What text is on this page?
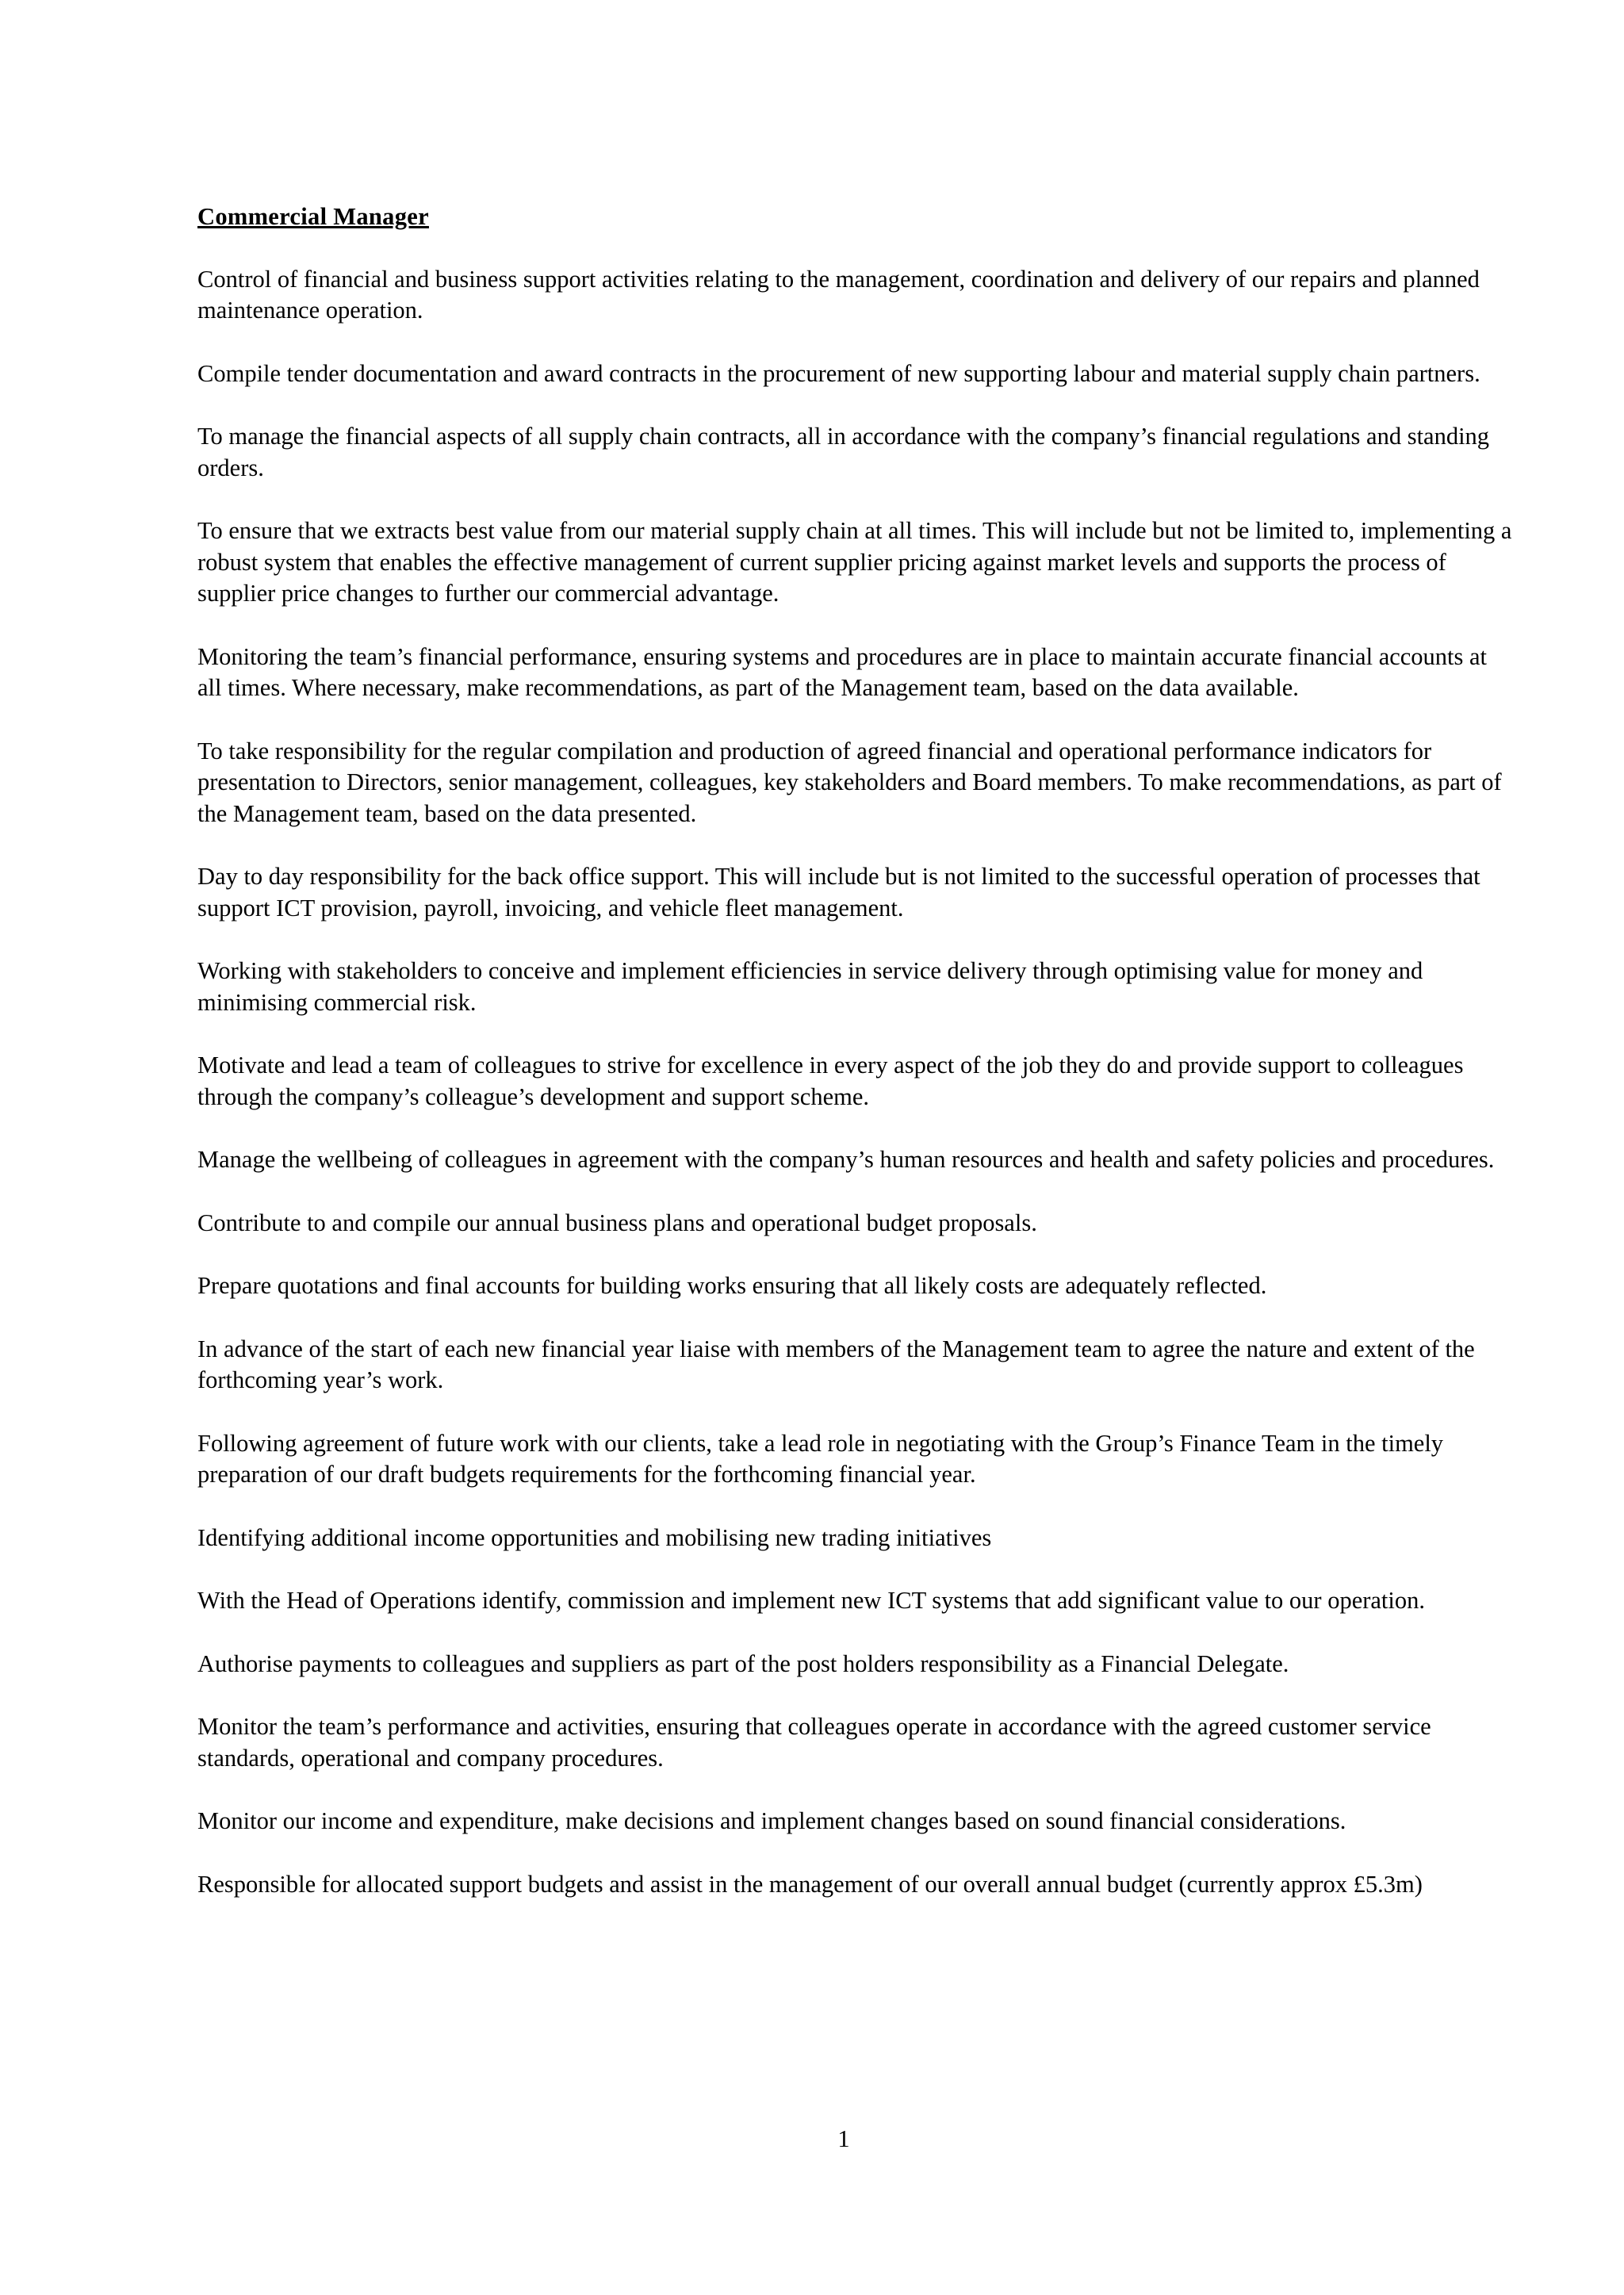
Commercial Manager

Control of financial and business support activities relating to the management, coordination and delivery of our repairs and planned maintenance operation.

Compile tender documentation and award contracts in the procurement of new supporting labour and material supply chain partners.

To manage the financial aspects of all supply chain contracts, all in accordance with the company’s financial regulations and standing orders.

To ensure that we extracts best value from our material supply chain at all times. This will include but not be limited to, implementing a robust system that enables the effective management of current supplier pricing against market levels and supports the process of supplier price changes to further our commercial advantage.

Monitoring the team’s financial performance, ensuring systems and procedures are in place to maintain accurate financial accounts at all times. Where necessary, make recommendations, as part of the Management team, based on the data available.

To take responsibility for the regular compilation and production of agreed financial and operational performance indicators for presentation to Directors, senior management, colleagues, key stakeholders and Board members. To make recommendations, as part of the Management team, based on the data presented.

Day to day responsibility for the back office support. This will include but is not limited to the successful operation of processes that support ICT provision, payroll, invoicing, and vehicle fleet management.

Working with stakeholders to conceive and implement efficiencies in service delivery through optimising value for money and minimising commercial risk.

Motivate and lead a team of colleagues to strive for excellence in every aspect of the job they do and provide support to colleagues through the company’s colleague’s development and support scheme.

Manage the wellbeing of colleagues in agreement with the company’s human resources and health and safety policies and procedures.

Contribute to and compile our annual business plans and operational budget proposals.

Prepare quotations and final accounts for building works ensuring that all likely costs are adequately reflected.

In advance of the start of each new financial year liaise with members of the Management team to agree the nature and extent of the forthcoming year’s work.

Following agreement of future work with our clients, take a lead role in negotiating with the Group’s Finance Team in the timely preparation of our draft budgets requirements for the forthcoming financial year.

Identifying additional income opportunities and mobilising new trading initiatives

With the Head of Operations identify, commission and implement new ICT systems that add significant value to our operation.

Authorise payments to colleagues and suppliers as part of the post holders responsibility as a Financial Delegate.

Monitor the team’s performance and activities, ensuring that colleagues operate in accordance with the agreed customer service standards, operational and company procedures.

Monitor our income and expenditure, make decisions and implement changes based on sound financial considerations.

Responsible for allocated support budgets and assist in the management of our overall annual budget (currently approx £5.3m)

1
